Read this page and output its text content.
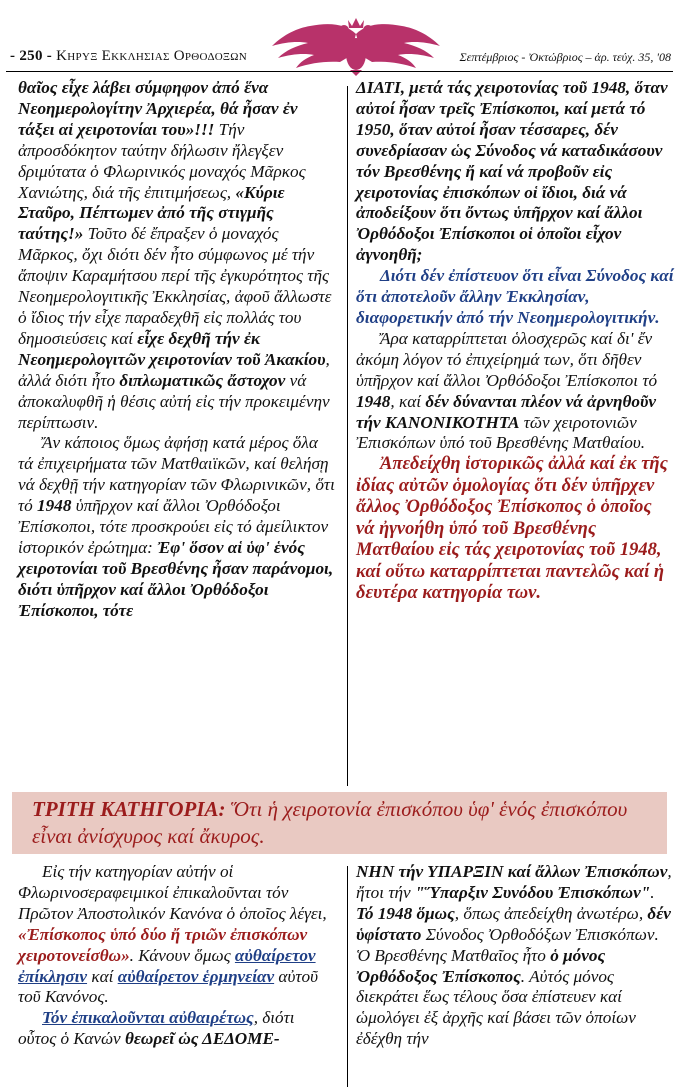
- 250 - Κηρυξ Εκκλησιας Ορθοδοξων	Σεπτέμβριος - Ὀκτώβριος – ἀρ. τεύχ. 35, '08

θαῖος εἶχε λάβει σύμφηφον ἀπό ἕνα Νεοημερολογίτην Ἀρχιερέα, θά ἦσαν ἐν τάξει αἱ χειροτονίαι του»!!! Τήν ἀπροσδόκητον ταύτην δήλωσιν ἤλεγξεν δριμύτατα ὁ Φλωρινικός μοναχός Μᾶρκος Χανιώτης, διά τῆς ἐπιτιμήσεως, «Κύριε Σταῦρο, Πέπτωμεν ἀπό τῆς στιγμῆς ταύτης!» Τοῦτο δέ ἔπραξεν ὁ μοναχός Μᾶρκος, ὄχι διότι δέν ἦτο σύμφωνος μέ τήν ἄποψιν Καραμήτσου περί τῆς ἐγκυρότητος τῆς Νεοημερολογιτικῆς Ἐκκλησίας, ἀφοῦ ἄλλωστε ὁ ἴδιος τήν εἶχε παραδεχθῆ εἰς πολλάς του δημοσιεύσεις καί εἶχε δεχθῆ τήν ἐκ Νεοημερολογιτῶν χειροτονίαν τοῦ Ἀκακίου, ἀλλά διότι ἦτο διπλωματικῶς ἄστοχον νά ἀποκαλυφθῆ ἡ θέσις αὐτή εἰς τήν προκειμένην περίπτωσιν.

Ἄν κάποιος ὅμως ἀφήσῃ κατά μέρος ὅλα τά ἐπιχειρήματα τῶν Ματθαιϊκῶν, καί θελήσῃ νά δεχθῇ τήν κατηγορίαν τῶν Φλωρινικῶν, ὅτι τό 1948 ὑπῆρχον καί ἄλλοι Ὀρθόδοξοι Ἐπίσκοποι, τότε προσκρούει εἰς τό ἀμείλικτον ἱστορικόν ἐρώτημα: Ἐφ' ὅσον αἱ ὑφ' ἑνός χειροτονίαι τοῦ Βρεσθένης ἦσαν παράνομοι, διότι ὑπῆρχον καί ἄλλοι Ὀρθόδοξοι Ἐπίσκοποι, τότε

ΔΙΑΤΙ, μετά τάς χειροτονίας τοῦ 1948, ὅταν αὐτοί ἦσαν τρεῖς Ἐπίσκοποι, καί μετά τό 1950, ὅταν αὐτοί ἦσαν τέσσαρες, δέν συνεδρίασαν ὡς Σύνοδος νά καταδικάσουν τόν Βρεσθένης ἤ καί νά προβοῦν εἰς χειροτονίας ἐπισκόπων οἱ ἴδιοι, διά νά ἀποδείξουν ὅτι ὄντως ὑπῆρχον καί ἄλλοι Ὀρθόδοξοι Ἐπίσκοποι οἱ ὁποῖοι εἶχον ἀγνοηθῆ;

Διότι δέν ἐπίστευον ὅτι εἶναι Σύνοδος καί ὅτι ἀποτελοῦν ἄλλην Ἐκκλησίαν, διαφορετικήν ἀπό τήν Νεοημερολογιτικήν.

Ἄρα καταρρίπτεται ὁλοσχερῶς καί δι' ἔν ἀκόμη λόγον τό ἐπιχείρημά των, ὅτι δῆθεν ὑπῆρχον καί ἄλλοι Ὀρθόδοξοι Ἐπίσκοποι τό 1948, καί δέν δύνανται πλέον νά ἀρνηθοῦν τήν ΚΑΝΟΝΙΚΟΤΗΤΑ τῶν χειροτονιῶν Ἐπισκόπων ὑπό τοῦ Βρεσθένης Ματθαίου.

Ἀπεδείχθη ἱστορικῶς ἀλλά καί ἐκ τῆς ἰδίας αὐτῶν ὁμολογίας ὅτι δέν ὑπῆρχεν ἄλλος Ὀρθόδοξος Ἐπίσκοπος ὁ ὁποῖος νά ἠγνοήθη ὑπό τοῦ Βρεσθένης Ματθαίου εἰς τάς χειροτονίας τοῦ 1948, καί οὕτω καταρρίπτεται παντελῶς καί ἡ δευτέρα κατηγορία των.

ΤΡΙΤΗ ΚΑΤΗΓΟΡΙΑ: Ὅτι ἡ χειροτονία ἐπισκόπου ὑφ' ἑνός ἐπισκόπου εἶναι ἀνίσχυρος καί ἄκυρος.

Εἰς τήν κατηγορίαν αὐτήν οἱ Φλωρινοσεραφειμικοί ἐπικαλοῦνται τόν Πρῶτον Ἀποστολικόν Κανόνα ὁ ὁποῖος λέγει, «Ἐπίσκοπος ὑπό δύο ἤ τριῶν ἐπισκόπων χειροτονείσθω». Κάνουν ὅμως αὐθαίρετον ἐπίκλησιν καί αὐθαίρετον ἑρμηνείαν αὐτοῦ τοῦ Κανόνος.

Τόν ἐπικαλοῦνται αὐθαιρέτως, διότι οὗτος ὁ Κανών θεωρεῖ ὡς ΔΕΔΟΜΕ-

ΝΗΝ τήν ΥΠΑΡΞΙΝ καί ἄλλων Ἐπισκόπων, ἤτοι τήν "Ὕπαρξιν Συνόδου Ἐπισκόπων". Τό 1948 ὅμως, ὅπως ἀπεδείχθη ἀνωτέρω, δέν ὑφίστατο Σύνοδος Ὀρθοδόξων Ἐπισκόπων. Ὁ Βρεσθένης Ματθαῖος ἦτο ὁ μόνος Ὀρθόδοξος Ἐπίσκοπος. Αὐτός μόνος διεκράτει ἕως τέλους ὅσα ἐπίστευεν καί ὡμολόγει ἐξ ἀρχῆς καί βάσει τῶν ὁποίων ἐδέχθη τήν
